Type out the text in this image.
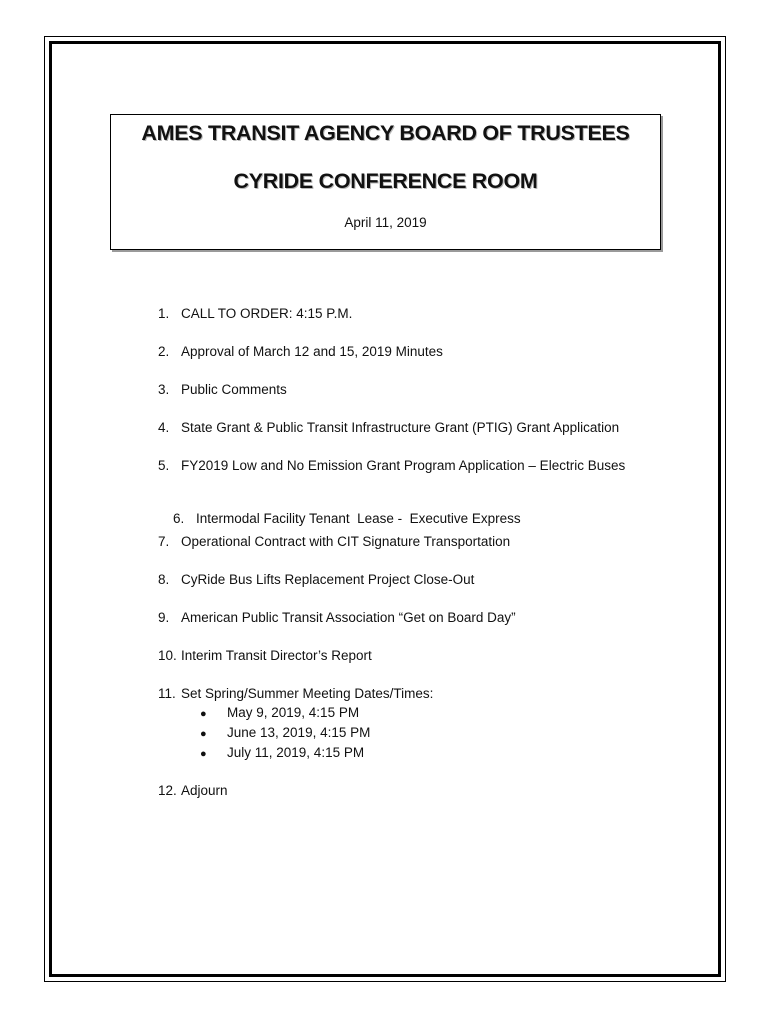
AMES TRANSIT AGENCY BOARD OF TRUSTEES
CYRIDE CONFERENCE ROOM
April 11, 2019
1. CALL TO ORDER: 4:15 P.M.
2. Approval of March 12 and 15, 2019 Minutes
3. Public Comments
4. State Grant & Public Transit Infrastructure Grant (PTIG) Grant Application
5. FY2019 Low and No Emission Grant Program Application – Electric Buses

6. Intermodal Facility Tenant  Lease -  Executive Express

7. Operational Contract with CIT Signature Transportation
8. CyRide Bus Lifts Replacement Project Close-Out
9. American Public Transit Association “Get on Board Day”
10. Interim Transit Director’s Report
11. Set Spring/Summer Meeting Dates/Times:
● May 9, 2019, 4:15 PM
● June 13, 2019, 4:15 PM
● July 11, 2019, 4:15 PM
12. Adjourn
